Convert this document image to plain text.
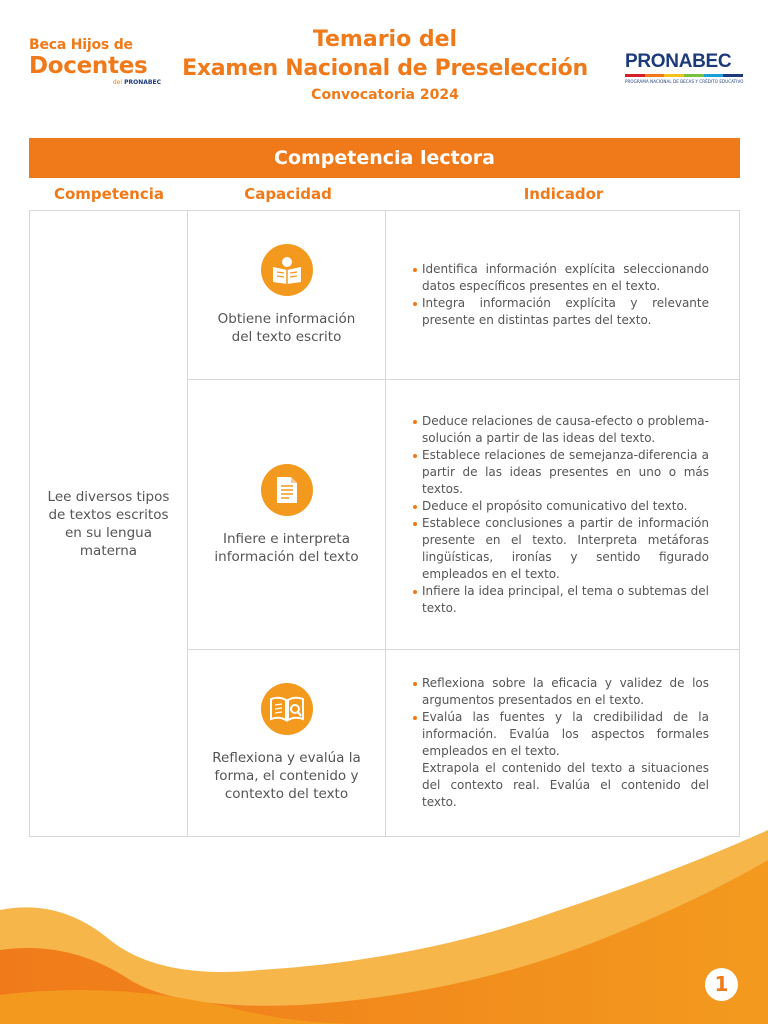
Beca Hijos de
Docentes
del PRONABEC
Temario del
Examen Nacional de Preselección
Convocatoria 2024
PRONABEC
PROGRAMA NACIONAL DE BECAS Y CRÉDITO EDUCATIVO
Competencia lectora
Competencia	Capacidad	Indicador
Lee diversos tipos de textos escritos en su lengua materna
Obtiene información del texto escrito
Identifica información explícita seleccionando datos específicos presentes en el texto.
Integra información explícita y relevante presente en distintas partes del texto.
Infiere e interpreta información del texto
Deduce relaciones de causa-efecto o problema-solución a partir de las ideas del texto.
Establece relaciones de semejanza-diferencia a partir de las ideas presentes en uno o más textos.
Deduce el propósito comunicativo del texto.
Establece conclusiones a partir de información presente en el texto. Interpreta metáforas lingüísticas, ironías y sentido figurado empleados en el texto.
Infiere la idea principal, el tema o subtemas del texto.
Reflexiona y evalúa la forma, el contenido y contexto del texto
Reflexiona sobre la eficacia y validez de los argumentos presentados en el texto.
Evalúa las fuentes y la credibilidad de la información. Evalúa los aspectos formales empleados en el texto.
Extrapola el contenido del texto a situaciones del contexto real. Evalúa el contenido del texto.
1
